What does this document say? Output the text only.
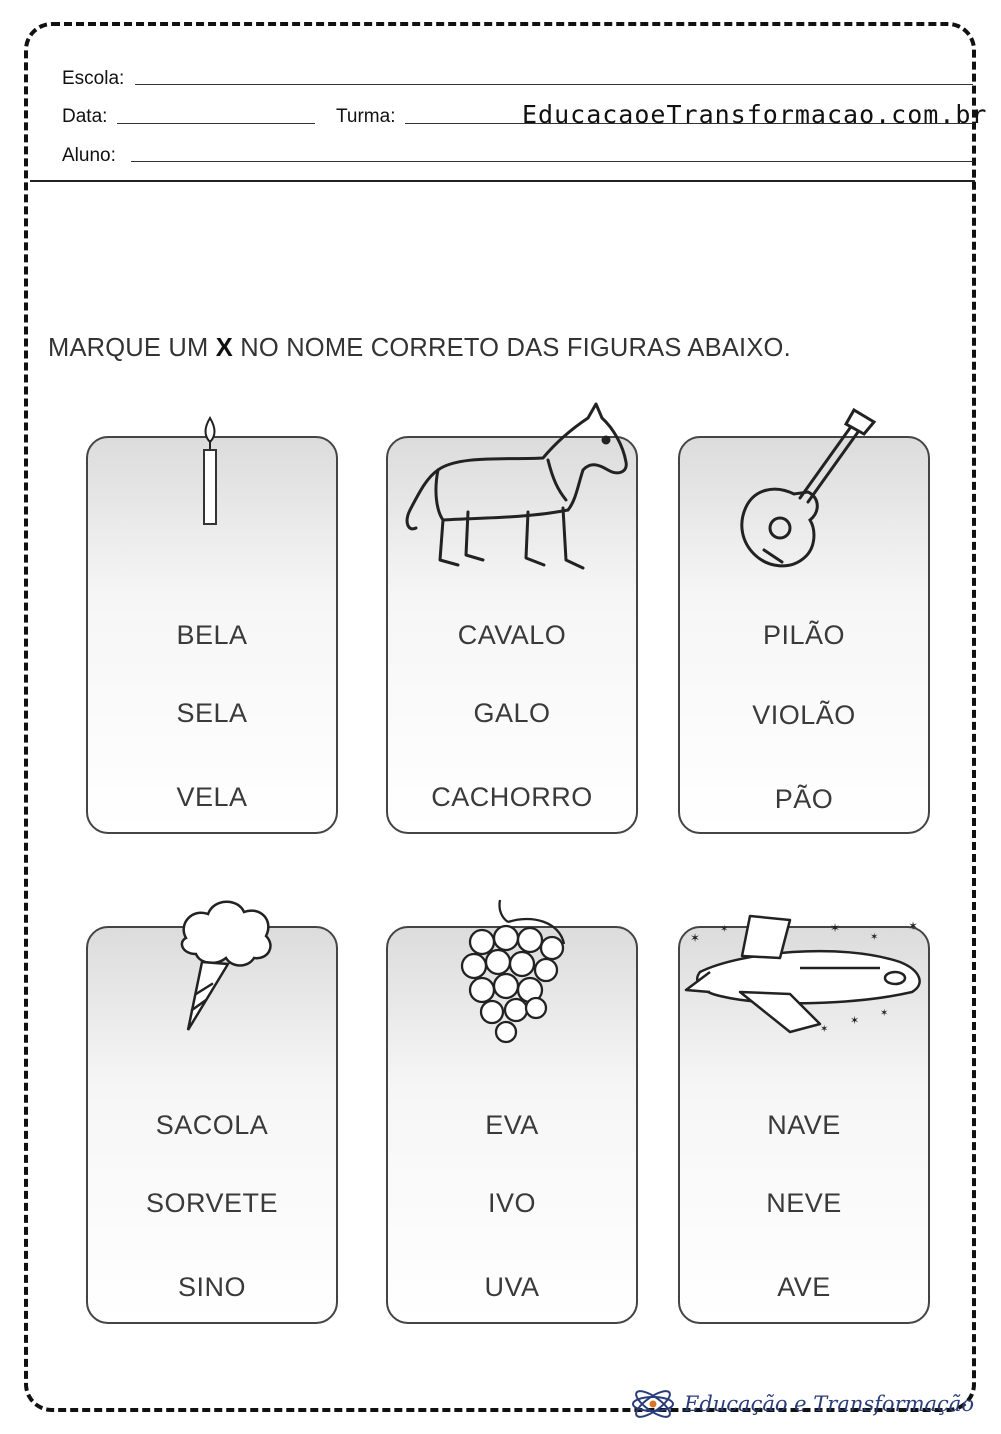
Escola:
Data:	Turma:	EducacaoeTransformacao.com.br
Aluno:
MARQUE UM X NO NOME CORRETO DAS FIGURAS ABAIXO.
BELA
SELA
VELA
CAVALO
GALO
CACHORRO
PILÃO
VIOLÃO
PÃO
SACOLA
SORVETE
SINO
EVA
IVO
UVA
NAVE
NEVE
AVE
✶
✶	✶
✶
✶
✶
✶
✶
Educação e Transformação
